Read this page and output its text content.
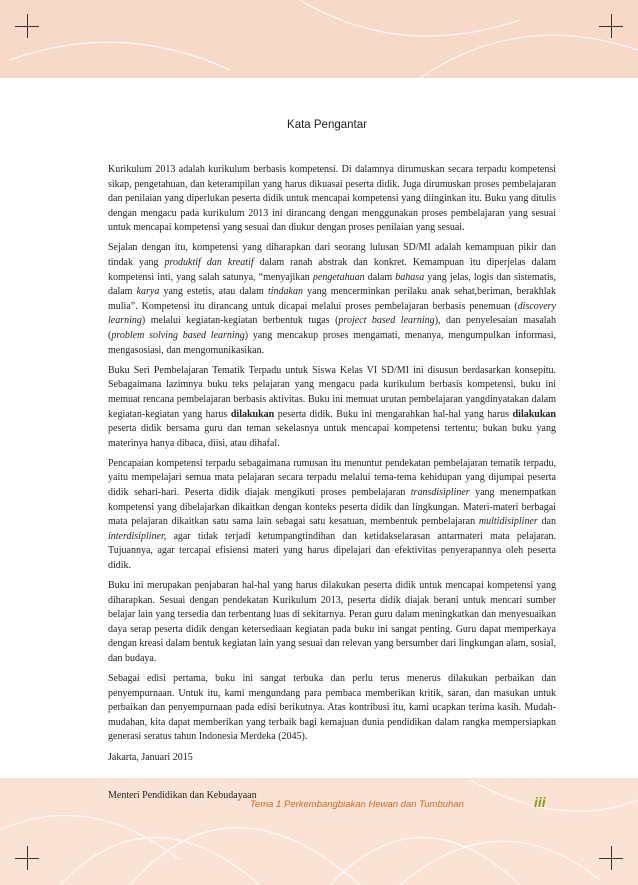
Kata Pengantar

Kurikulum 2013 adalah kurikulum berbasis kompetensi. Di dalamnya dirumuskan secara terpadu kompetensi sikap, pengetahuan, dan keterampilan yang harus dikuasai peserta didik. Juga dirumuskan proses pembelajaran dan penilaian yang diperlukan peserta didik untuk mencapai kompetensi yang diinginkan itu. Buku yang ditulis dengan mengacu pada kurikulum 2013 ini dirancang dengan menggunakan proses pembelajaran yang sesuai untuk mencapai kompetensi yang sesuai dan diukur dengan proses penilaian yang sesuai.

Sejalan dengan itu, kompetensi yang diharapkan dari seorang lulusan SD/MI adalah kemampuan pikir dan tindak yang produktif dan kreatif dalam ranah abstrak dan konkret. Kemampuan itu diperjelas dalam kompetensi inti, yang salah satunya, “menyajikan pengetahuan dalam bahasa yang jelas, logis dan sistematis, dalam karya yang estetis, atau dalam tindakan yang mencerminkan perilaku anak sehat,beriman, berakhlak mulia”. Kompetensi itu dirancang untuk dicapai melalui proses pembelajaran berbasis penemuan (discovery learning) melalui kegiatan-kegiatan berbentuk tugas (project based learning), dan penyelesaian masalah (problem solving based learning) yang mencakup proses mengamati, menanya, mengumpulkan informasi, mengasosiasi, dan mengomunikasikan.

Buku Seri Pembelajaran Tematik Terpadu untuk Siswa Kelas VI SD/MI ini disusun berdasarkan konsepitu. Sebagaimana lazimnya buku teks pelajaran yang mengacu pada kurikulum berbasis kompetensi, buku ini memuat rencana pembelajaran berbasis aktivitas. Buku ini memuat urutan pembelajaran yangdinyatakan dalam kegiatan-kegiatan yang harus dilakukan peserta didik. Buku ini mengarahkan hal-hal yang harus dilakukan peserta didik bersama guru dan teman sekelasnya untuk mencapai kompetensi tertentu; bukan buku yang materinya hanya dibaca, diisi, atau dihafal.

Pencapaian kompetensi terpadu sebagaimana rumusan itu menuntut pendekatan pembelajaran tematik terpadu, yaitu mempelajari semua mata pelajaran secara terpadu melalui tema-tema kehidupan yang dijumpai peserta didik sehari-hari. Peserta didik diajak mengikuti proses pembelajaran transdisipliner yang menempatkan kompetensi yang dibelajarkan dikaitkan dengan konteks peserta didik dan lingkungan. Materi-materi berbagai mata pelajaran dikaitkan satu sama lain sebagai satu kesatuan, membentuk pembelajaran multidisipliner dan interdisipliner, agar tidak terjadi ketumpangtindihan dan ketidakselarasan antarmateri mata pelajaran. Tujuannya, agar tercapai efisiensi materi yang harus dipelajari dan efektivitas penyerapannya oleh peserta didik.

Buku ini merupakan penjabaran hal-hal yang harus dilakukan peserta didik untuk mencapai kompetensi yang diharapkan. Sesuai dengan pendekatan Kurikulum 2013, peserta didik diajak berani untuk mencari sumber belajar lain yang tersedia dan terbentang luas di sekitarnya. Peran guru dalam meningkatkan dan menyesuaikan daya serap peserta didik dengan ketersediaan kegiatan pada buku ini sangat penting. Guru dapat memperkaya dengan kreasi dalam bentuk kegiatan lain yang sesuai dan relevan yang bersumber dari lingkungan alam, sosial, dan budaya.

Sebagai edisi pertama, buku ini sangat terbuka dan perlu terus menerus dilakukan perbaikan dan penyempurnaan. Untuk itu, kami mengundang para pembaca memberikan kritik, saran, dan masukan untuk perbaikan dan penyempurnaan pada edisi berikutnya. Atas kontribusi itu, kami ucapkan terima kasih. Mudah-mudahan, kita dapat memberikan yang terbaik bagi kemajuan dunia pendidikan dalam rangka mempersiapkan generasi seratus tahun Indonesia Merdeka (2045).

Jakarta, Januari 2015

Menteri Pendidikan dan Kebudayaan

Tema 1 Perkembangbiakan Hewan dan Tumbuhan	iii
